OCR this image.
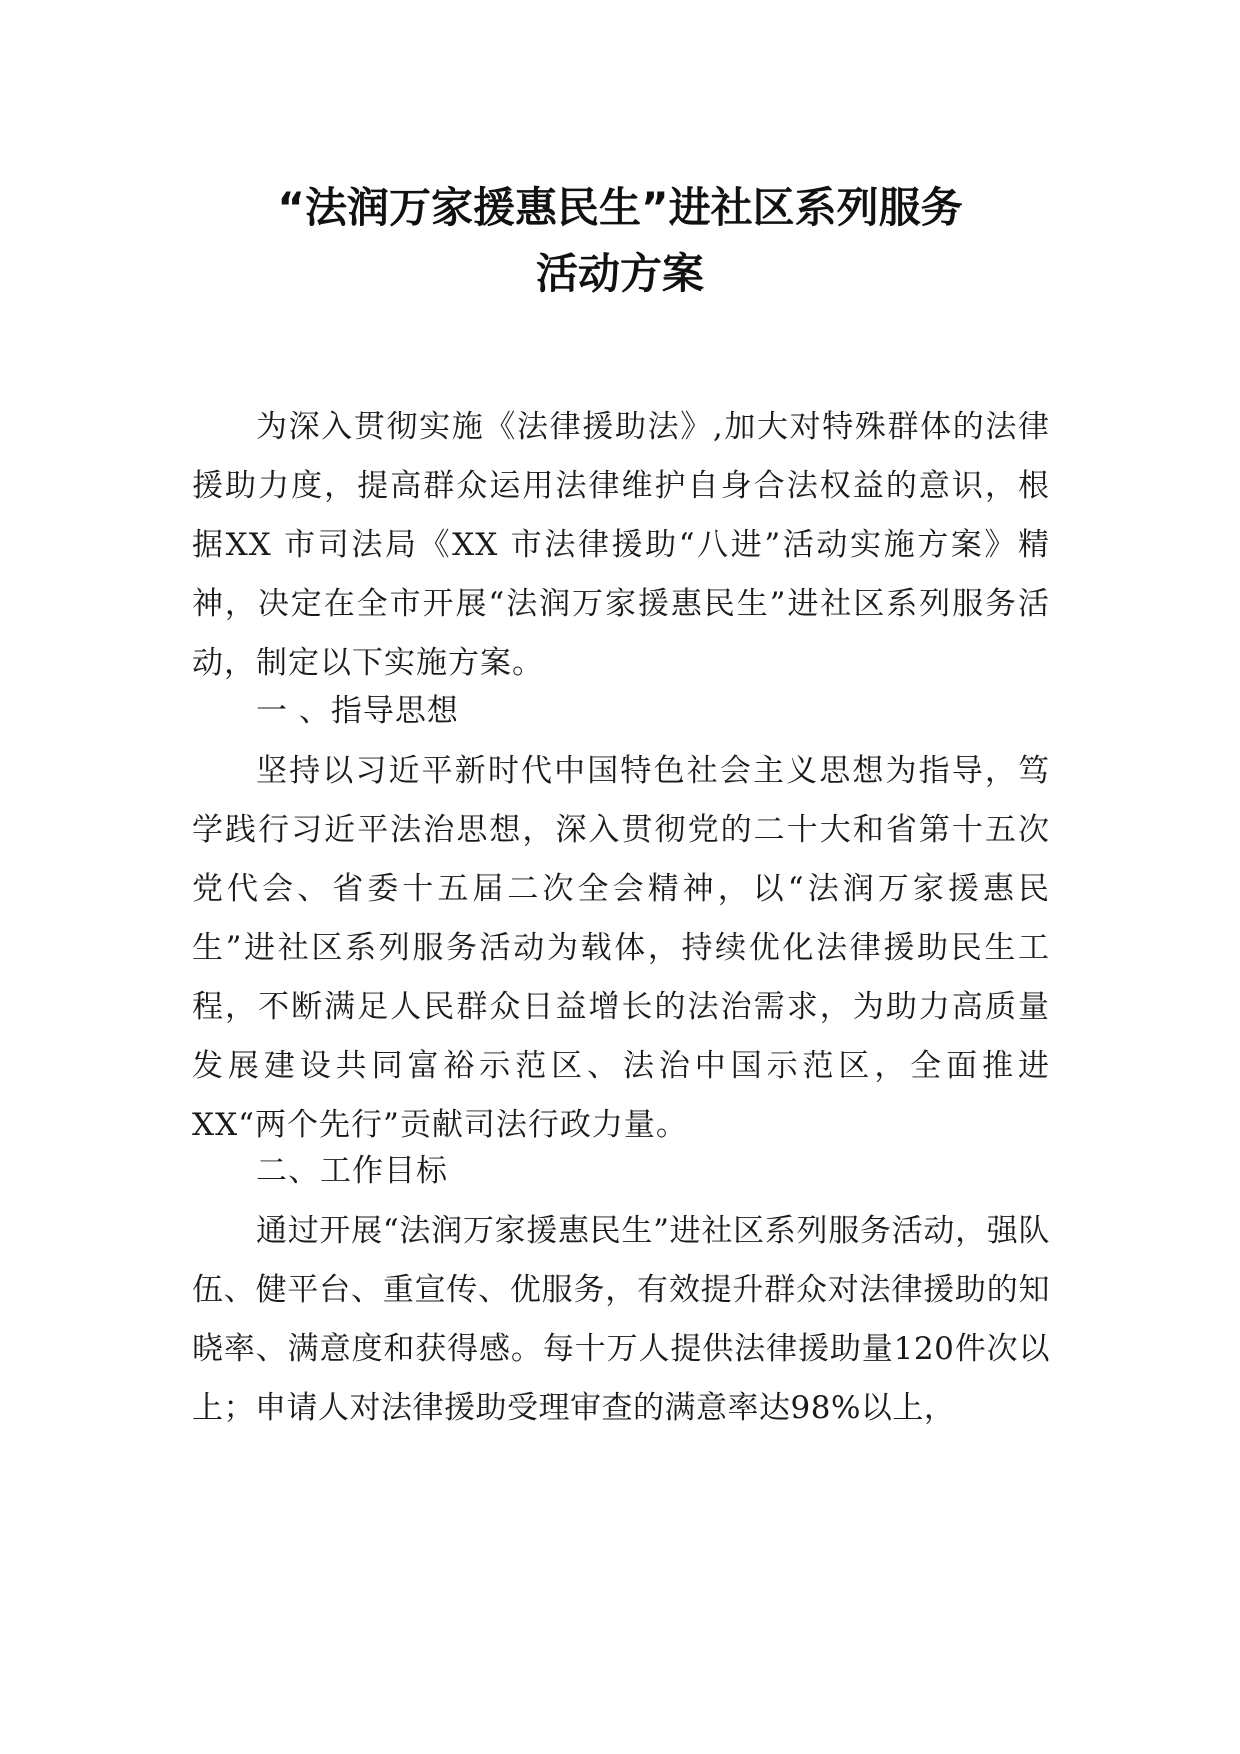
“法润万家援惠民生”进社区系列服务
活动方案

为深入贯彻实施《法律援助法》,加大对特殊群体的法律援助力度，提高群众运用法律维护自身合法权益的意识，根据XX 市司法局《XX 市法律援助“八进”活动实施方案》精神，决定在全市开展“法润万家援惠民生”进社区系列服务活动，制定以下实施方案。

一 、指导思想

坚持以习近平新时代中国特色社会主义思想为指导，笃学践行习近平法治思想，深入贯彻党的二十大和省第十五次党代会、省委十五届二次全会精神，以“法润万家援惠民生”进社区系列服务活动为载体，持续优化法律援助民生工程，不断满足人民群众日益增长的法治需求，为助力高质量发展建设共同富裕示范区、法治中国示范区，全面推进XX“两个先行”贡献司法行政力量。

二、工作目标

通过开展“法润万家援惠民生”进社区系列服务活动，强队伍、健平台、重宣传、优服务，有效提升群众对法律援助的知晓率、满意度和获得感。每十万人提供法律援助量120件次以上；申请人对法律援助受理审查的满意率达98%以上，
